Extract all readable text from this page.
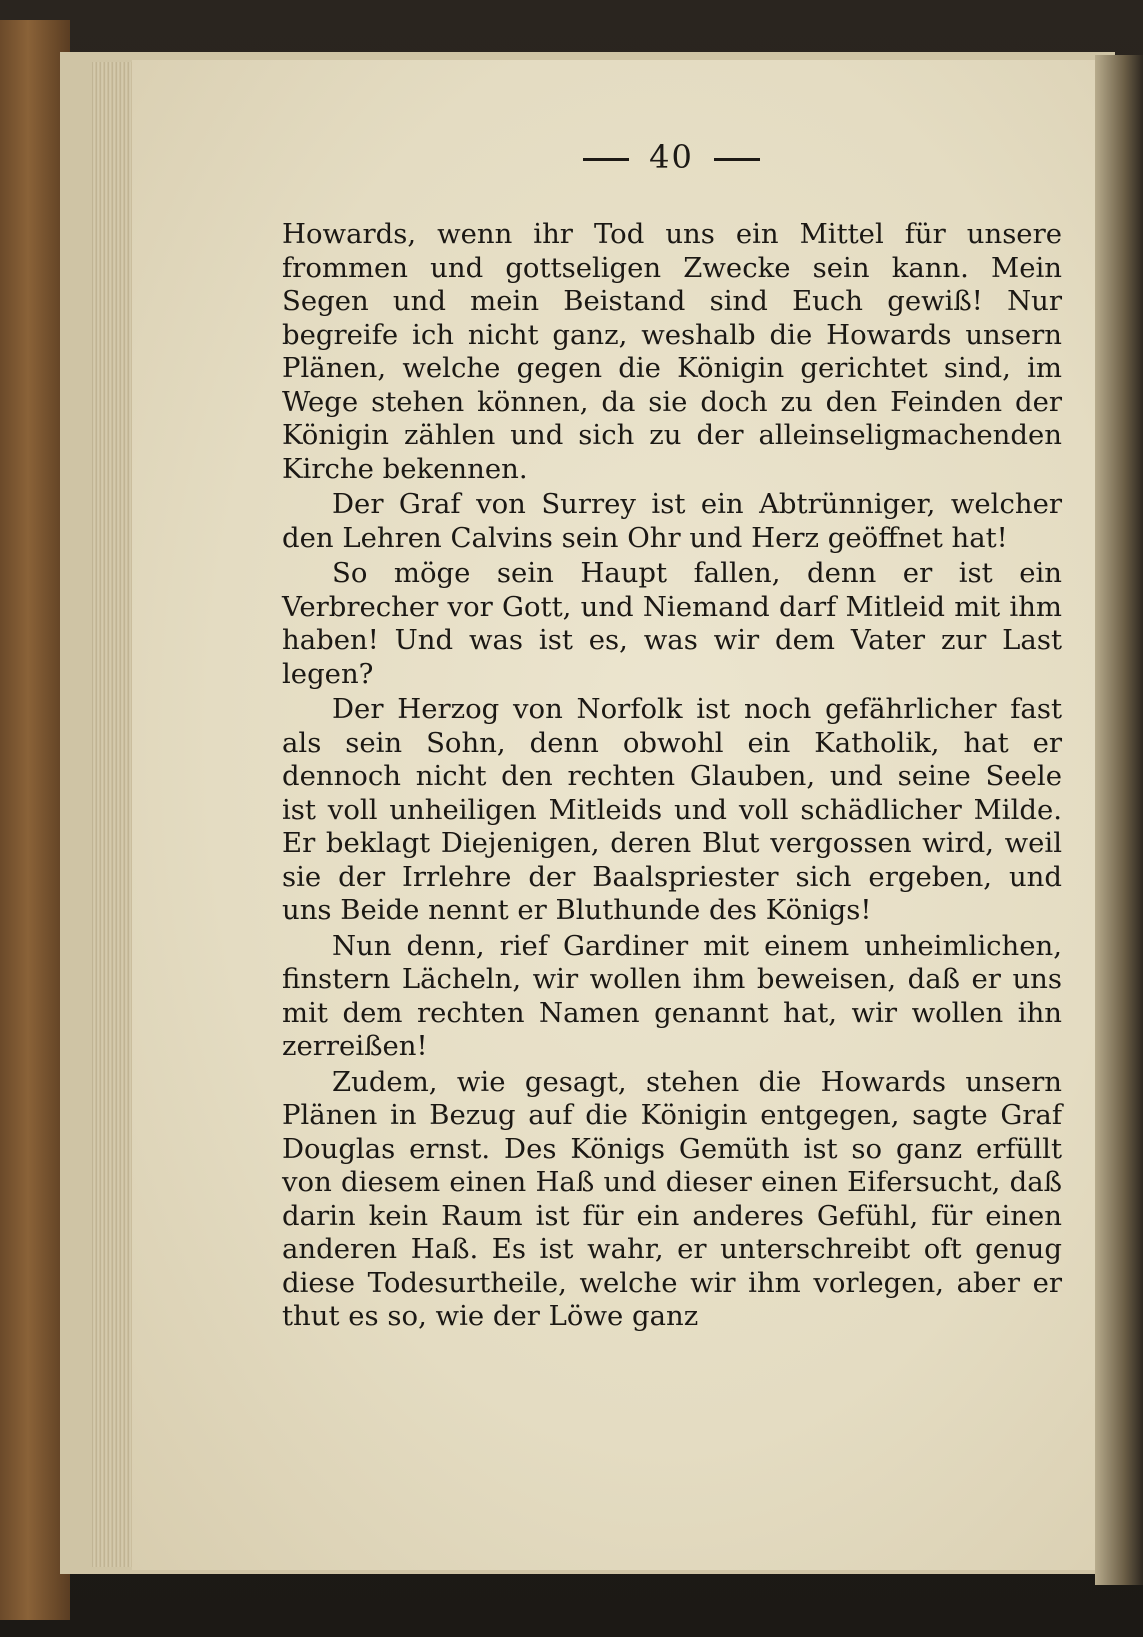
40

Howards, wenn ihr Tod uns ein Mittel für unsere frommen und gottseligen Zwecke sein kann. Mein Segen und mein Beistand sind Euch gewiß! Nur begreife ich nicht ganz, weshalb die Howards unsern Plänen, welche gegen die Königin gerichtet sind, im Wege stehen können, da sie doch zu den Feinden der Königin zählen und sich zu der alleinseligmachenden Kirche bekennen.

Der Graf von Surrey ist ein Abtrünniger, welcher den Lehren Calvins sein Ohr und Herz geöffnet hat!

So möge sein Haupt fallen, denn er ist ein Verbrecher vor Gott, und Niemand darf Mitleid mit ihm haben! Und was ist es, was wir dem Vater zur Last legen?

Der Herzog von Norfolk ist noch gefährlicher fast als sein Sohn, denn obwohl ein Katholik, hat er dennoch nicht den rechten Glauben, und seine Seele ist voll unheiligen Mitleids und voll schädlicher Milde. Er beklagt Diejenigen, deren Blut vergossen wird, weil sie der Irrlehre der Baalspriester sich ergeben, und uns Beide nennt er Bluthunde des Königs!

Nun denn, rief Gardiner mit einem unheimlichen, finstern Lächeln, wir wollen ihm beweisen, daß er uns mit dem rechten Namen genannt hat, wir wollen ihn zerreißen!

Zudem, wie gesagt, stehen die Howards unsern Plänen in Bezug auf die Königin entgegen, sagte Graf Douglas ernst. Des Königs Gemüth ist so ganz erfüllt von diesem einen Haß und dieser einen Eifersucht, daß darin kein Raum ist für ein anderes Gefühl, für einen anderen Haß. Es ist wahr, er unterschreibt oft genug diese Todesurtheile, welche wir ihm vorlegen, aber er thut es so, wie der Löwe ganz
